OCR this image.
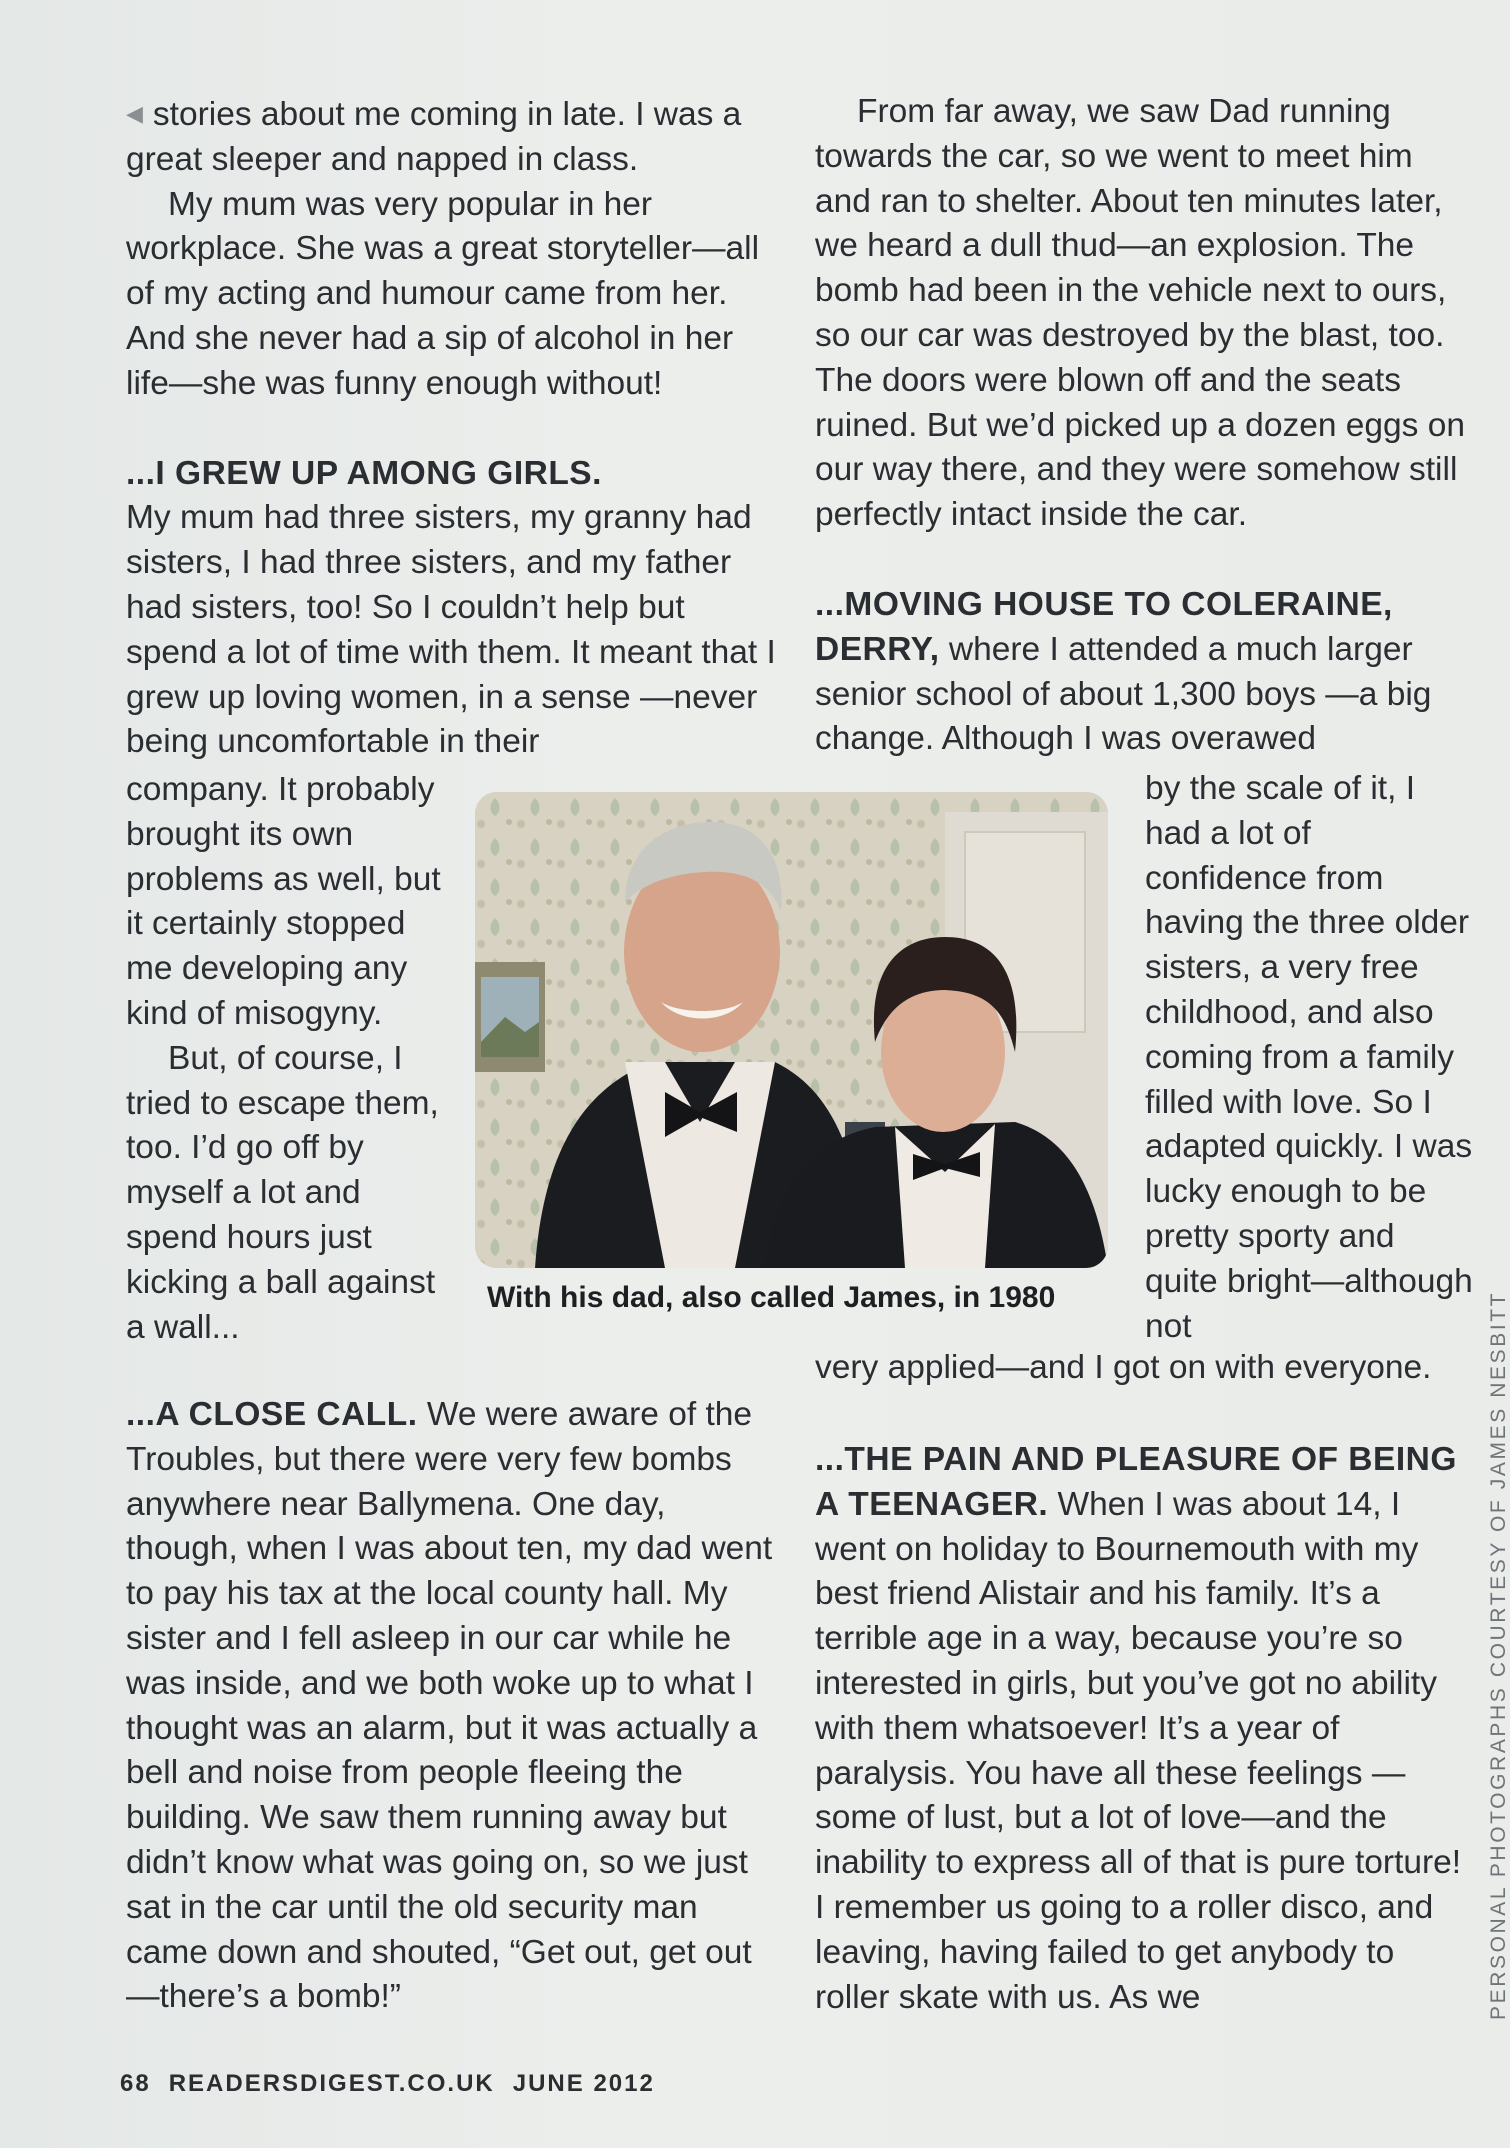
◀ stories about me coming in late. I was a great sleeper and napped in class.

My mum was very popular in her workplace. She was a great storyteller—all of my acting and humour came from her. And she never had a sip of alcohol in her life—she was funny enough without!

...I GREW UP AMONG GIRLS.

My mum had three sisters, my granny had sisters, I had three sisters, and my father had sisters, too! So I couldn’t help but spend a lot of time with them. It meant that I grew up loving women, in a sense —never being uncomfortable in their

company. It probably brought its own problems as well, but it certainly stopped me developing any kind of misogyny.

But, of course, I tried to escape them, too. I’d go off by myself a lot and spend hours just kicking a ball against a wall...

...A CLOSE CALL. We were aware of the Troubles, but there were very few bombs anywhere near Ballymena. One day, though, when I was about ten, my dad went to pay his tax at the local county hall. My sister and I fell asleep in our car while he was inside, and we both woke up to what I thought was an alarm, but it was actually a bell and noise from people fleeing the building. We saw them running away but didn’t know what was going on, so we just sat in the car until the old security man came down and shouted, “Get out, get out—there’s a bomb!”

From far away, we saw Dad running towards the car, so we went to meet him and ran to shelter. About ten minutes later, we heard a dull thud—an explosion. The bomb had been in the vehicle next to ours, so our car was destroyed by the blast, too. The doors were blown off and the seats ruined. But we’d picked up a dozen eggs on our way there, and they were somehow still perfectly intact inside the car.

...MOVING HOUSE TO COLERAINE, DERRY, where I attended a much larger senior school of about 1,300 boys —a big change. Although I was overawed

by the scale of it, I had a lot of confidence from having the three older sisters, a very free childhood, and also coming from a family filled with love. So I adapted quickly. I was lucky enough to be pretty sporty and quite bright—although not

very applied—and I got on with everyone.

...THE PAIN AND PLEASURE OF BEING A TEENAGER. When I was about 14, I went on holiday to Bournemouth with my best friend Alistair and his family. It’s a terrible age in a way, because you’re so interested in girls, but you’ve got no ability with them whatsoever! It’s a year of paralysis. You have all these feelings —some of lust, but a lot of love—and the inability to express all of that is pure torture! I remember us going to a roller disco, and leaving, having failed to get anybody to roller skate with us. As we

With his dad, also called James, in 1980	PERSONAL PHOTOGRAPHS COURTESY OF JAMES NESBITT
68 READERSDIGEST.CO.UK JUNE 2012
